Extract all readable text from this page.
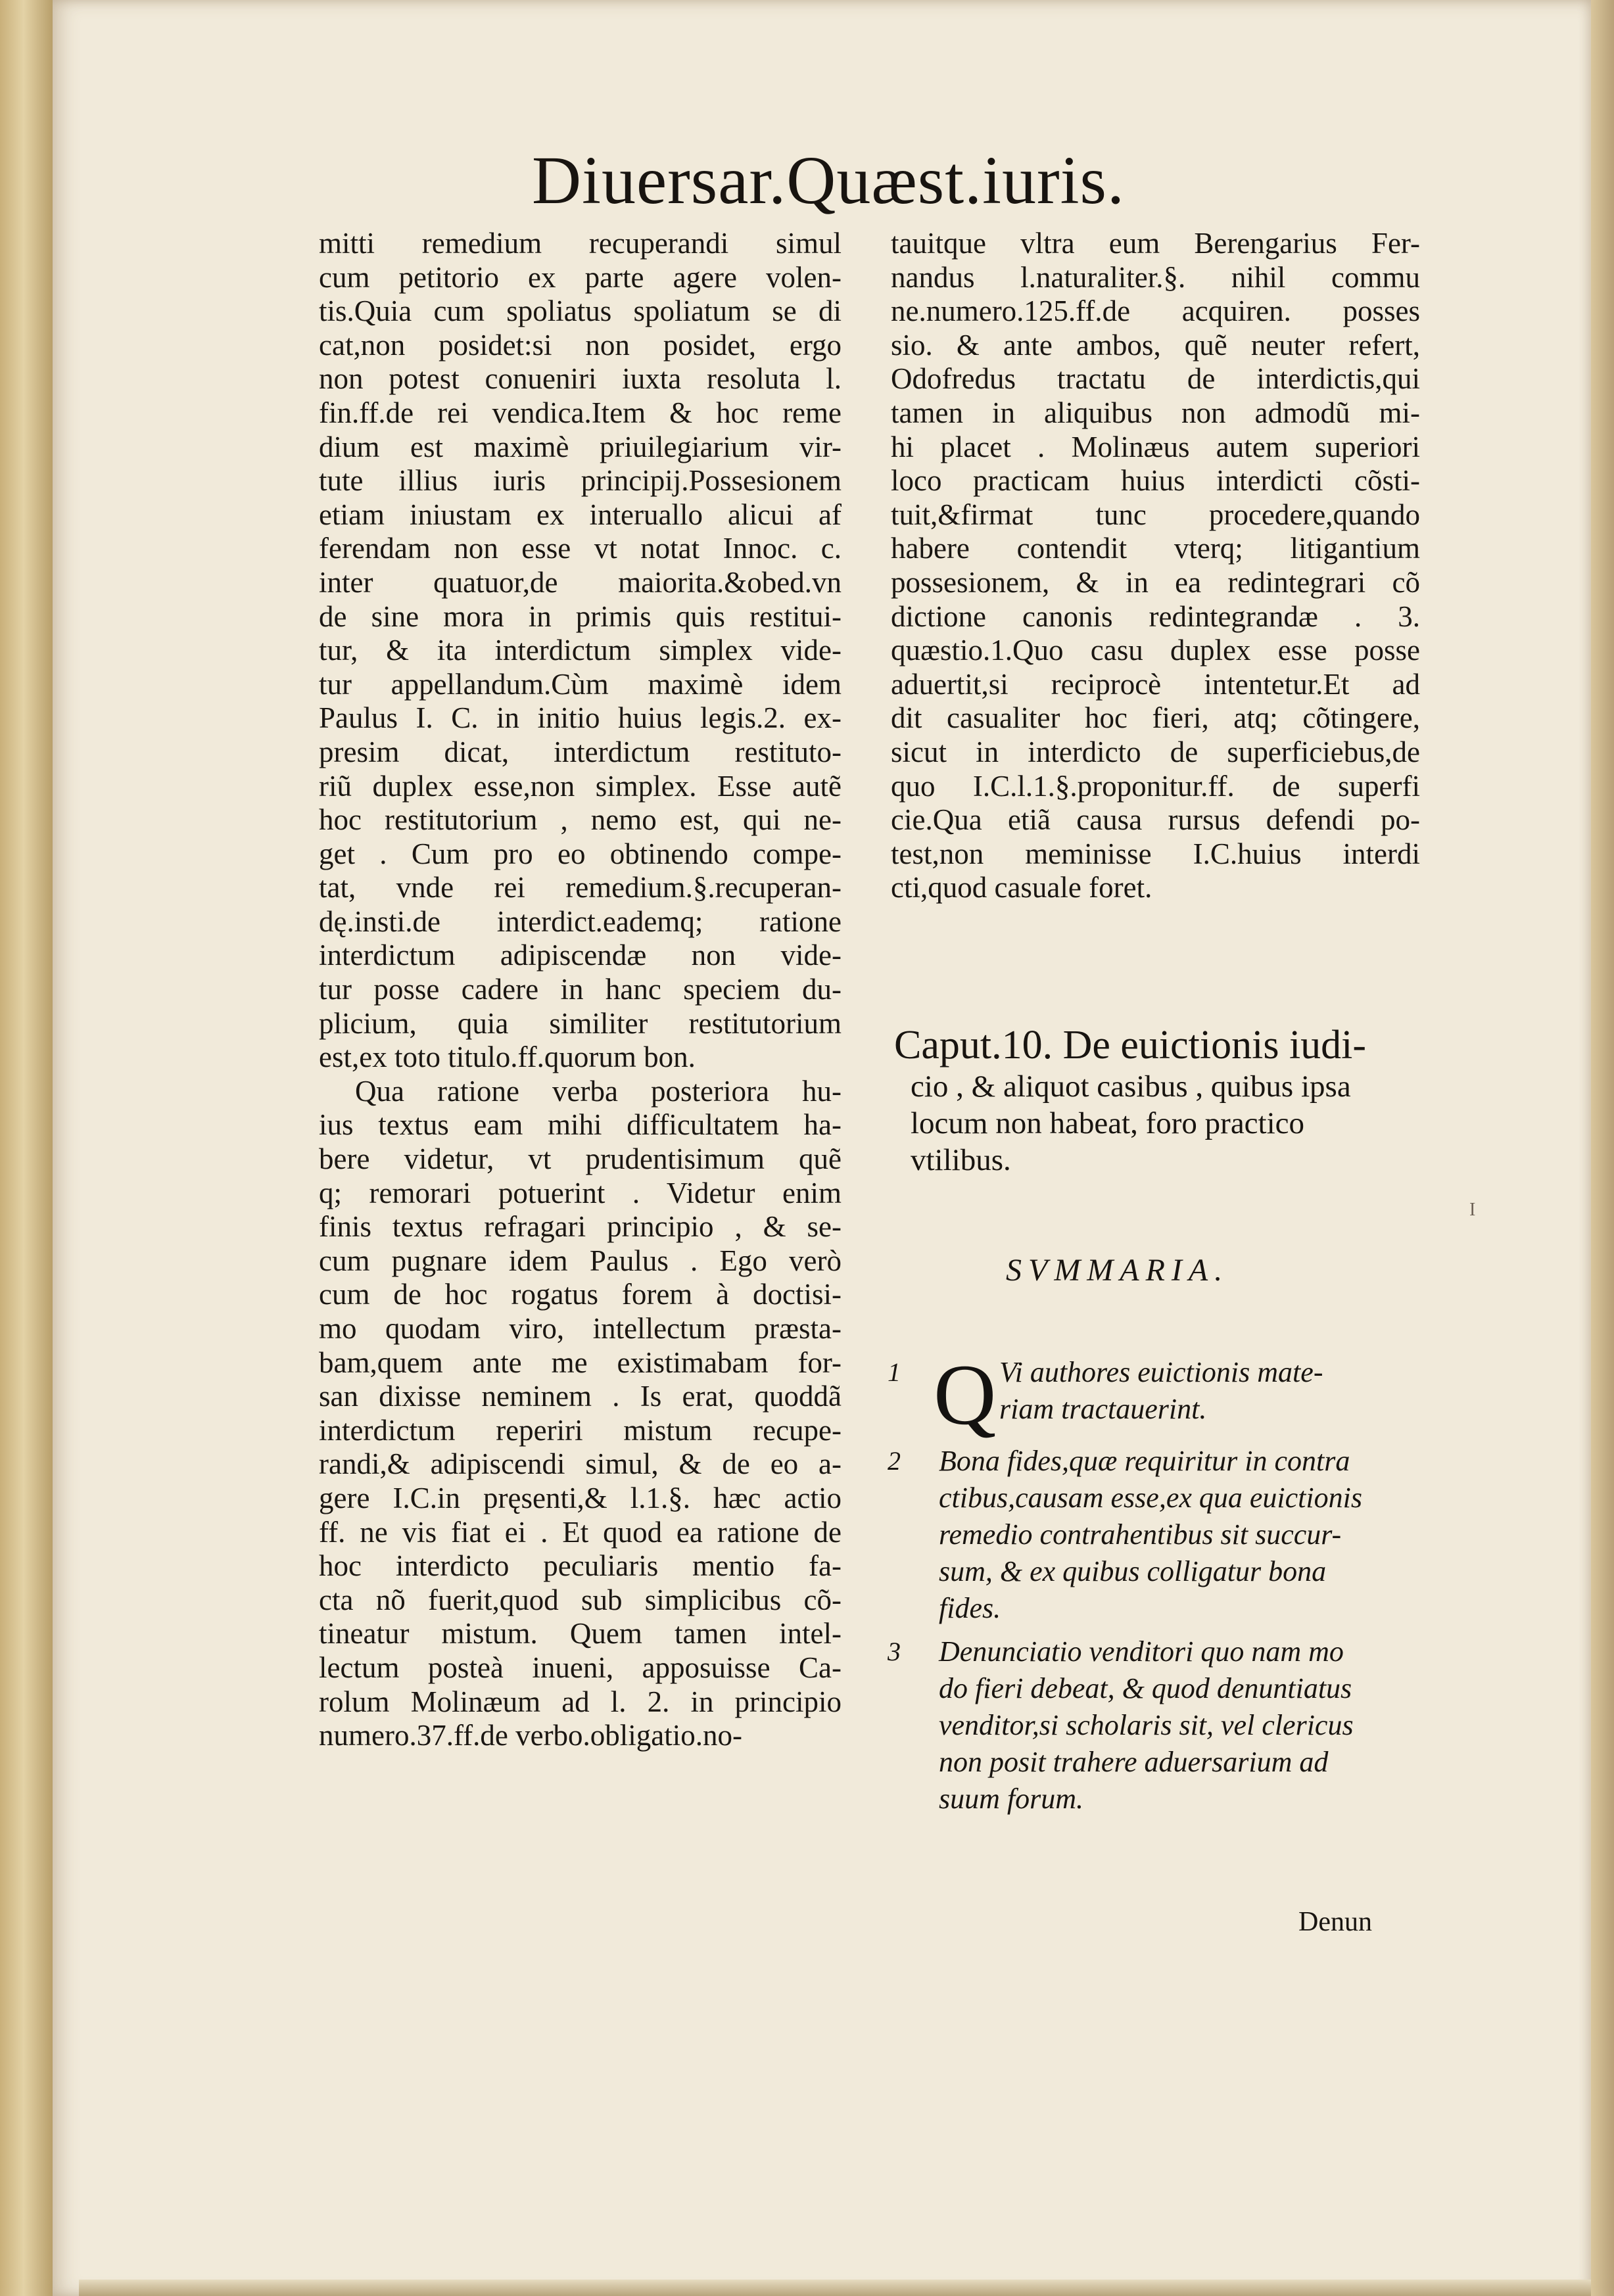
Diuersar.Quæst.iuris.
mitti remedium recuperandi simul
cum petitorio ex parte agere volen-
tis.Quia cum spoliatus spoliatum se di
cat,non posidet:si non posidet, ergo
non potest conueniri iuxta resoluta l.
fin.ff.de rei vendica.Item & hoc reme
dium est maximè priuilegiarium vir-
tute illius iuris principij.Possesionem
etiam iniustam ex interuallo alicui af
ferendam non esse vt notat Innoc. c.
inter quatuor,de maiorita.&obed.vn
de sine mora in primis quis restitui-
tur, & ita interdictum simplex vide-
tur appellandum.Cùm maximè idem
Paulus I. C. in initio huius legis.2. ex-
presim dicat, interdictum restituto-
riũ duplex esse,non simplex. Esse autẽ
hoc restitutorium , nemo est, qui ne-
get . Cum pro eo obtinendo compe-
tat, vnde rei remedium.§.recuperan-
dę.insti.de interdict.eademq; ratione
interdictum adipiscendæ non vide-
tur posse cadere in hanc speciem du-
plicium, quia similiter restitutorium
est,ex toto titulo.ff.quorum bon.
Qua ratione verba posteriora hu-
ius textus eam mihi difficultatem ha-
bere videtur, vt prudentisimum quẽ
q; remorari potuerint . Videtur enim
finis textus refragari principio , & se-
cum pugnare idem Paulus . Ego verò
cum de hoc rogatus forem à doctisi-
mo quodam viro, intellectum præsta-
bam,quem ante me existimabam for-
san dixisse neminem . Is erat, quoddã
interdictum reperiri mistum recupe-
randi,& adipiscendi simul, & de eo a-
gere I.C.in pręsenti,& l.1.§. hæc actio
ff. ne vis fiat ei . Et quod ea ratione de
hoc interdicto peculiaris mentio fa-
cta nõ fuerit,quod sub simplicibus cõ-
tineatur mistum. Quem tamen intel-
lectum posteà inueni, apposuisse Ca-
rolum Molinæum ad l. 2. in principio
numero.37.ff.de verbo.obligatio.no-
tauitque vltra eum Berengarius Fer-
nandus l.naturaliter.§. nihil commu
ne.numero.125.ff.de acquiren. posses
sio. & ante ambos, quẽ neuter refert,
Odofredus tractatu de interdictis,qui
tamen in aliquibus non admodũ mi-
hi placet . Molinæus autem superiori
loco practicam huius interdicti cõsti-
tuit,&firmat tunc procedere,quando
habere contendit vterq; litigantium
possesionem, & in ea redintegrari cõ
dictione canonis redintegrandæ . 3.
quæstio.1.Quo casu duplex esse posse
aduertit,si reciprocè intentetur.Et ad
dit casualiter hoc fieri, atq; cõtingere,
sicut in interdicto de superficiebus,de
quo I.C.l.1.§.proponitur.ff. de superfi
cie.Qua etiã causa rursus defendi po-
test,non meminisse I.C.huius interdi
cti,quod casuale foret.
Caput.10. De euictionis iudi-
cio , & aliquot casibus , quibus ipsa
locum non habeat, foro practico
vtilibus.
SVMMARIA.
1 Q Vi authores euictionis mate-
riam tractauerint.
2 Bona fides,quæ requiritur in contra
ctibus,causam esse,ex qua euictionis
remedio contrahentibus sit succur-
sum, & ex quibus colligatur bona
fides.
3 Denunciatio venditori quo nam mo
do fieri debeat, & quod denuntiatus
venditor,si scholaris sit, vel clericus
non posit trahere aduersarium ad
suum forum.
Denun
I
